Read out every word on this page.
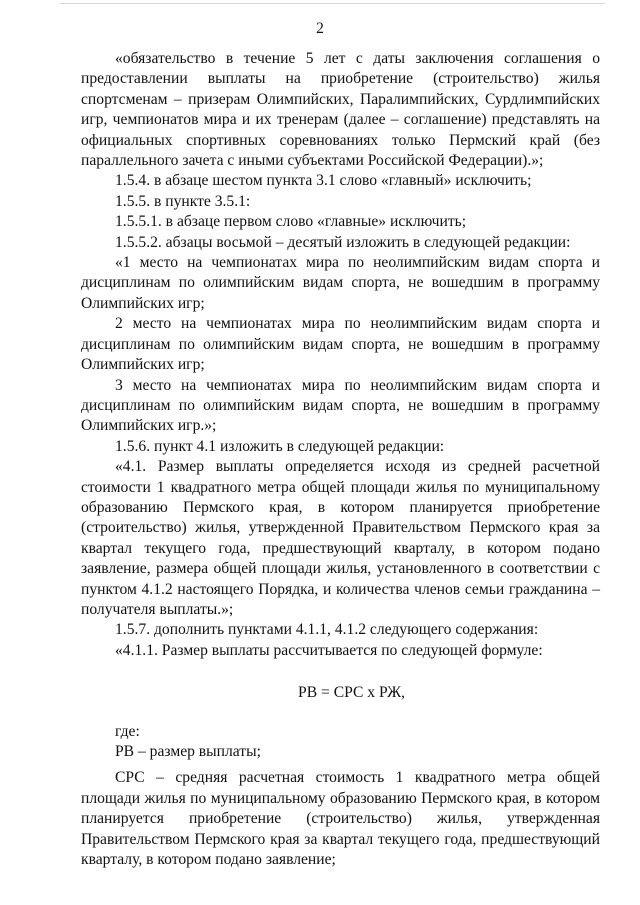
2

«обязательство в течение 5 лет с даты заключения соглашения о предоставлении выплаты на приобретение (строительство) жилья спортсменам – призерам Олимпийских, Паралимпийских, Сурдлимпийских игр, чемпионатов мира и их тренерам (далее – соглашение) представлять на официальных спортивных соревнованиях только Пермский край (без параллельного зачета с иными субъектами Российской Федерации).»;

1.5.4. в абзаце шестом пункта 3.1 слово «главный» исключить;

1.5.5. в пункте 3.5.1:

1.5.5.1. в абзаце первом слово «главные» исключить;

1.5.5.2. абзацы восьмой – десятый изложить в следующей редакции:

«1 место на чемпионатах мира по неолимпийским видам спорта и дисциплинам по олимпийским видам спорта, не вошедшим в программу Олимпийских игр;

2 место на чемпионатах мира по неолимпийским видам спорта и дисциплинам по олимпийским видам спорта, не вошедшим в программу Олимпийских игр;

3 место на чемпионатах мира по неолимпийским видам спорта и дисциплинам по олимпийским видам спорта, не вошедшим в программу Олимпийских игр.»;

1.5.6. пункт 4.1 изложить в следующей редакции:

«4.1. Размер выплаты определяется исходя из средней расчетной стоимости 1 квадратного метра общей площади жилья по муниципальному образованию Пермского края, в котором планируется приобретение (строительство) жилья, утвержденной Правительством Пермского края за квартал текущего года, предшествующий кварталу, в котором подано заявление, размера общей площади жилья, установленного в соответствии с пунктом 4.1.2 настоящего Порядка, и количества членов семьи гражданина – получателя выплаты.»;

1.5.7. дополнить пунктами 4.1.1, 4.1.2 следующего содержания:

«4.1.1. Размер выплаты рассчитывается по следующей формуле:

РВ = СРС х РЖ,

где:

РВ – размер выплаты;

СРС – средняя расчетная стоимость 1 квадратного метра общей площади жилья по муниципальному образованию Пермского края, в котором планируется приобретение (строительство) жилья, утвержденная Правительством Пермского края за квартал текущего года, предшествующий кварталу, в котором подано заявление;
